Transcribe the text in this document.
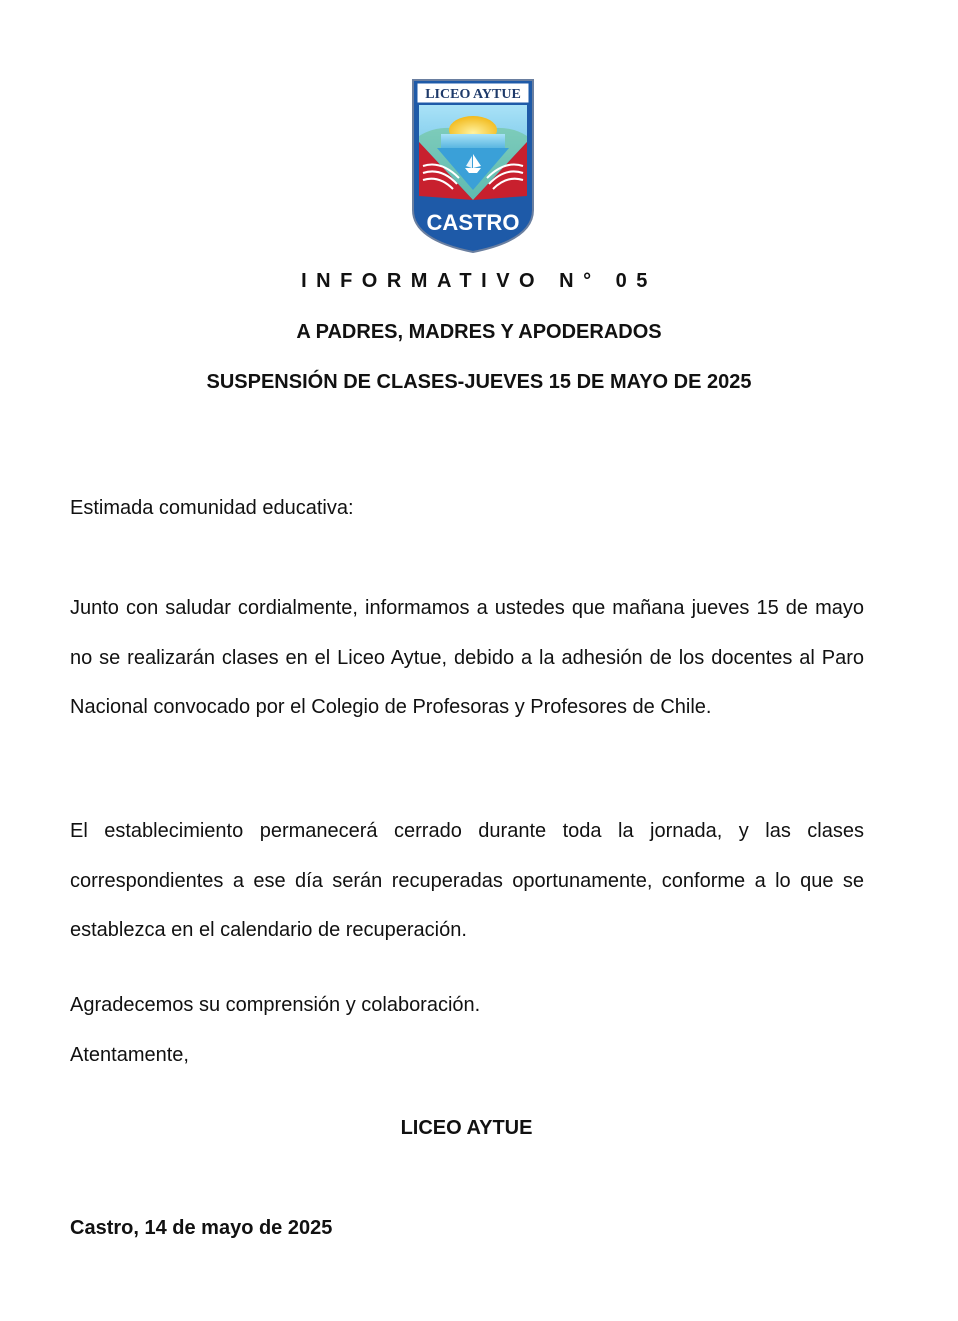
LICEO AYTUE
CASTRO
INFORMATIVO N° 05
A PADRES, MADRES Y APODERADOS
SUSPENSIÓN DE CLASES-JUEVES 15 DE MAYO DE 2025
Estimada comunidad educativa:
Junto con saludar cordialmente, informamos a ustedes que mañana jueves 15 de mayo no se realizarán clases en el Liceo Aytue, debido a la adhesión de los docentes al Paro Nacional convocado por el Colegio de Profesoras y Profesores de Chile.
El establecimiento permanecerá cerrado durante toda la jornada, y las clases correspondientes a ese día serán recuperadas oportunamente, conforme a lo que se establezca en el calendario de recuperación.
Agradecemos su comprensión y colaboración.
Atentamente,
LICEO AYTUE
Castro, 14 de mayo de 2025
